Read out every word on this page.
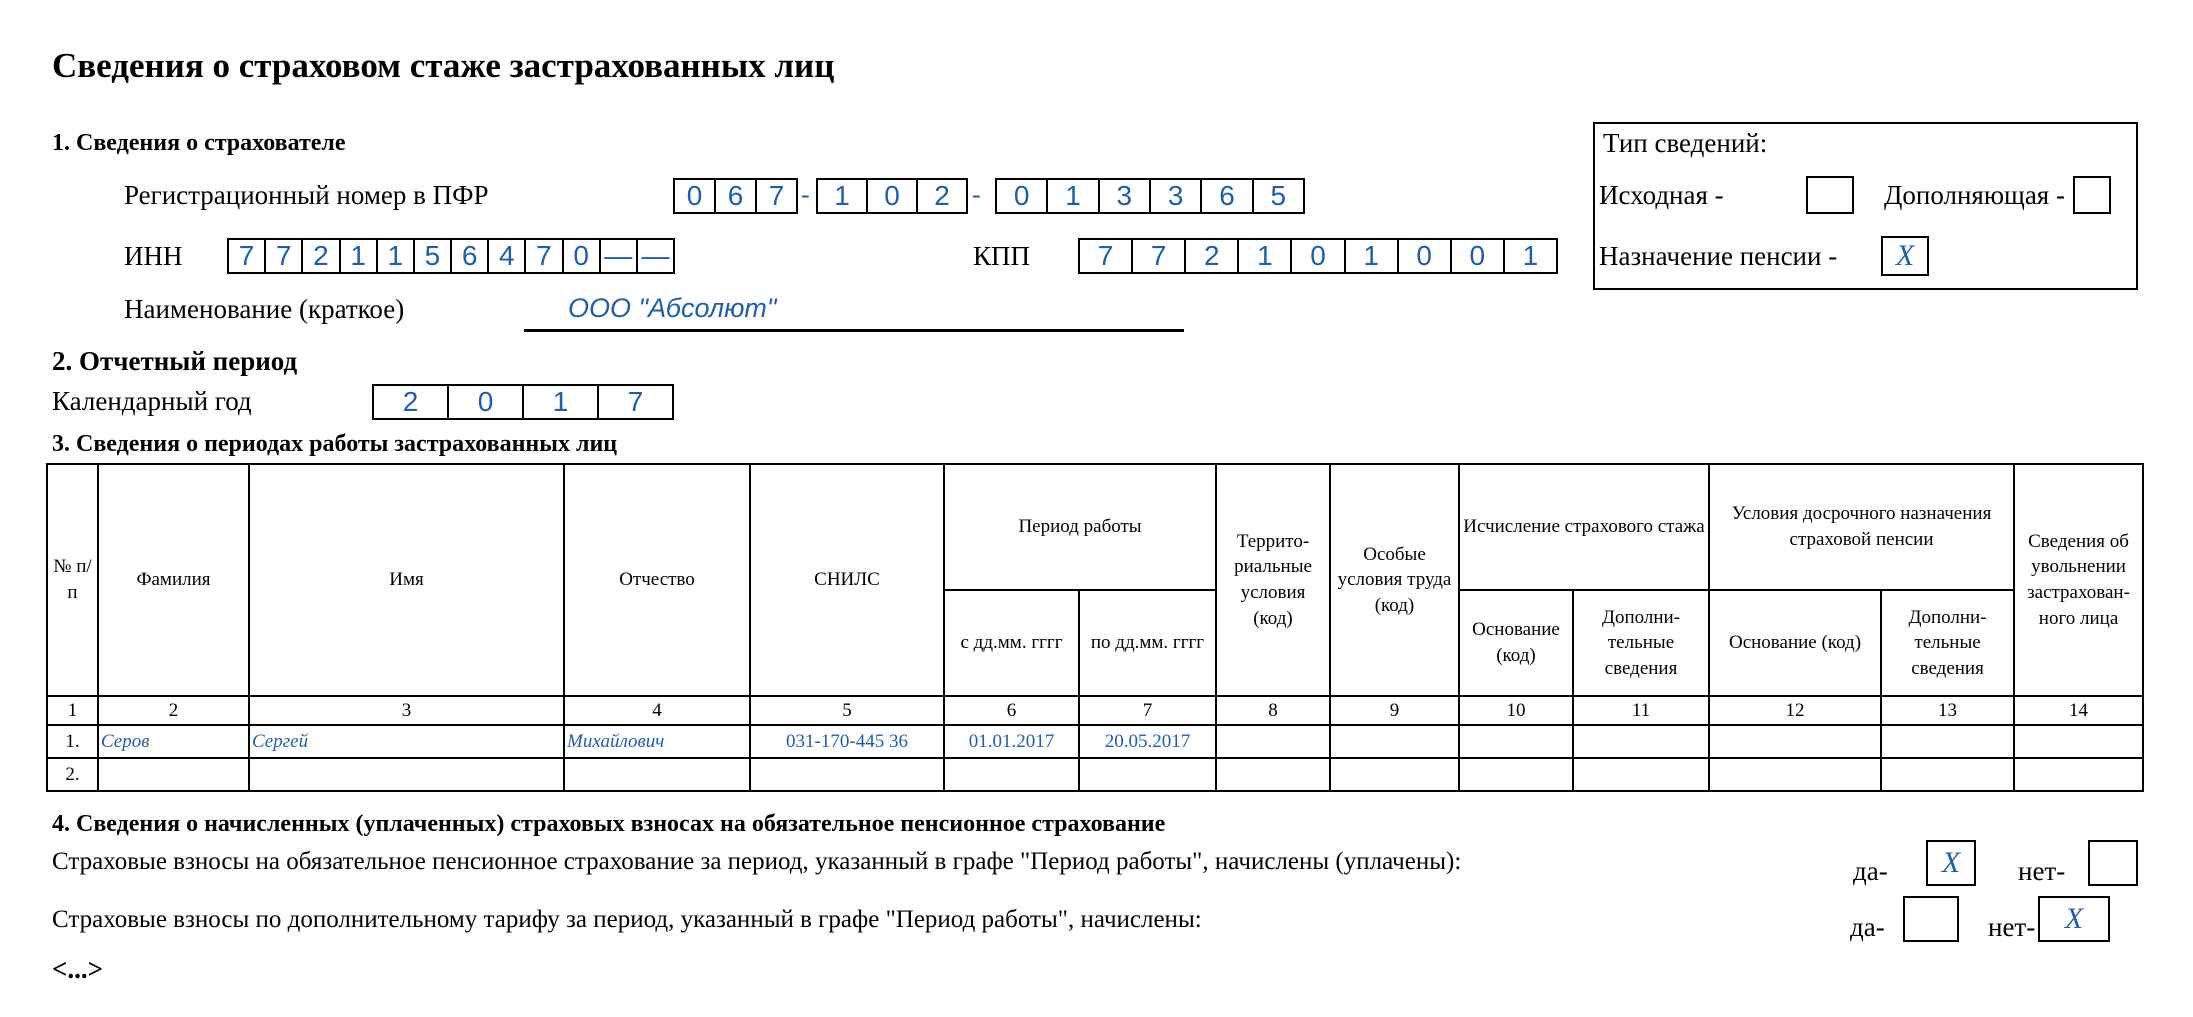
Сведения о страховом стаже застрахованных лиц
1. Сведения о страхователе
Регистрационный номер в ПФР	0 6 7 - 1	0	2 -	0	1	3	3	6	5
ИНН	7 7 2 1 1 5 6 4 7 0 — —	КПП	7	7	2	1	0	1	0	0	1
Наименование (краткое)	ООО "Абсолют"
Тип сведений:
Исходная -	Дополняющая -
Назначение пенсии -	X
2. Отчетный период
Календарный год	2	0	1	7
3. Сведения о периодах работы застрахованных лиц
№ п/п	Фамилия	Имя	Отчество	СНИЛС	Период работы		Террито-риальные условия (код)	Особые условия труда (код)	Исчисление страхового стажа		Условия досрочного назначения страховой пенсии		Сведения об увольнении застрахован-ного лица
					с дд.мм. гггг	по дд.мм. гггг			Основание (код)	Дополни-тельные сведения	Основание (код)	Дополни-тельные сведения	
1	2	3	4	5	6	7	8	9	10	11	12	13	14
1.	Серов	Сергей	Михайлович	031-170-445 36	01.01.2017	20.05.2017							
2.													
4. Сведения о начисленных (уплаченных) страховых взносах на обязательное пенсионное страхование
Страховые взносы на обязательное пенсионное страхование за период, указанный в графе "Период работы", начислены (уплачены):	да-	X	нет-
Страховые взносы по дополнительному тарифу за период, указанный в графе "Период работы", начислены:	да-	нет- X
<...>
